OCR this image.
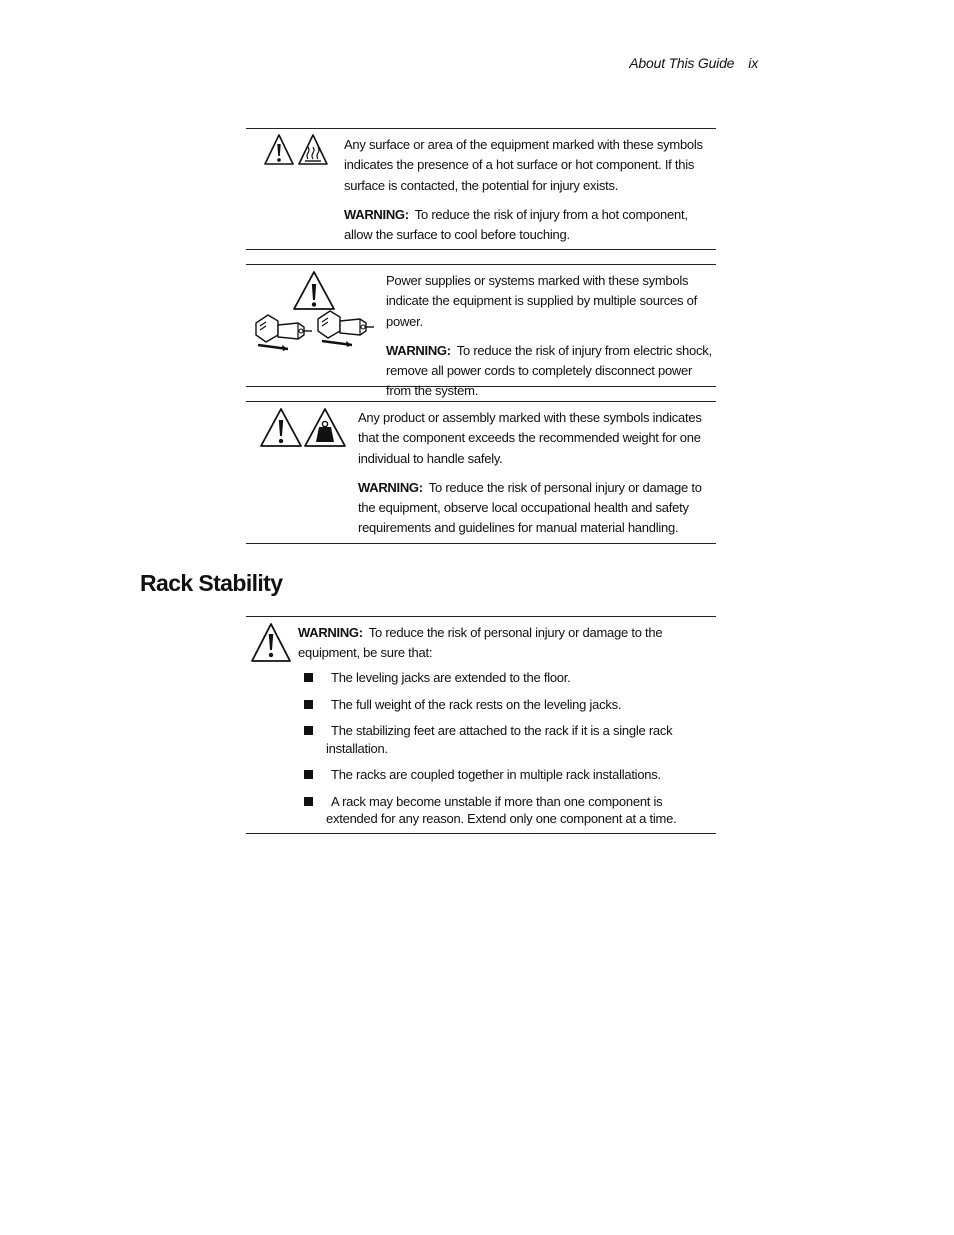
About This Guide ix

Any surface or area of the equipment marked with these symbols indicates the presence of a hot surface or hot component. If this surface is contacted, the potential for injury exists.

WARNING: To reduce the risk of injury from a hot component, allow the surface to cool before touching.

Power supplies or systems marked with these symbols indicate the equipment is supplied by multiple sources of power.

WARNING: To reduce the risk of injury from electric shock, remove all power cords to completely disconnect power from the system.

Any product or assembly marked with these symbols indicates that the component exceeds the recommended weight for one individual to handle safely.

WARNING: To reduce the risk of personal injury or damage to the equipment, observe local occupational health and safety requirements and guidelines for manual material handling.

Rack Stability

WARNING: To reduce the risk of personal injury or damage to the equipment, be sure that:

The leveling jacks are extended to the floor.
The full weight of the rack rests on the leveling jacks.
The stabilizing feet are attached to the rack if it is a single rack installation.
The racks are coupled together in multiple rack installations.
A rack may become unstable if more than one component is extended for any reason. Extend only one component at a time.
